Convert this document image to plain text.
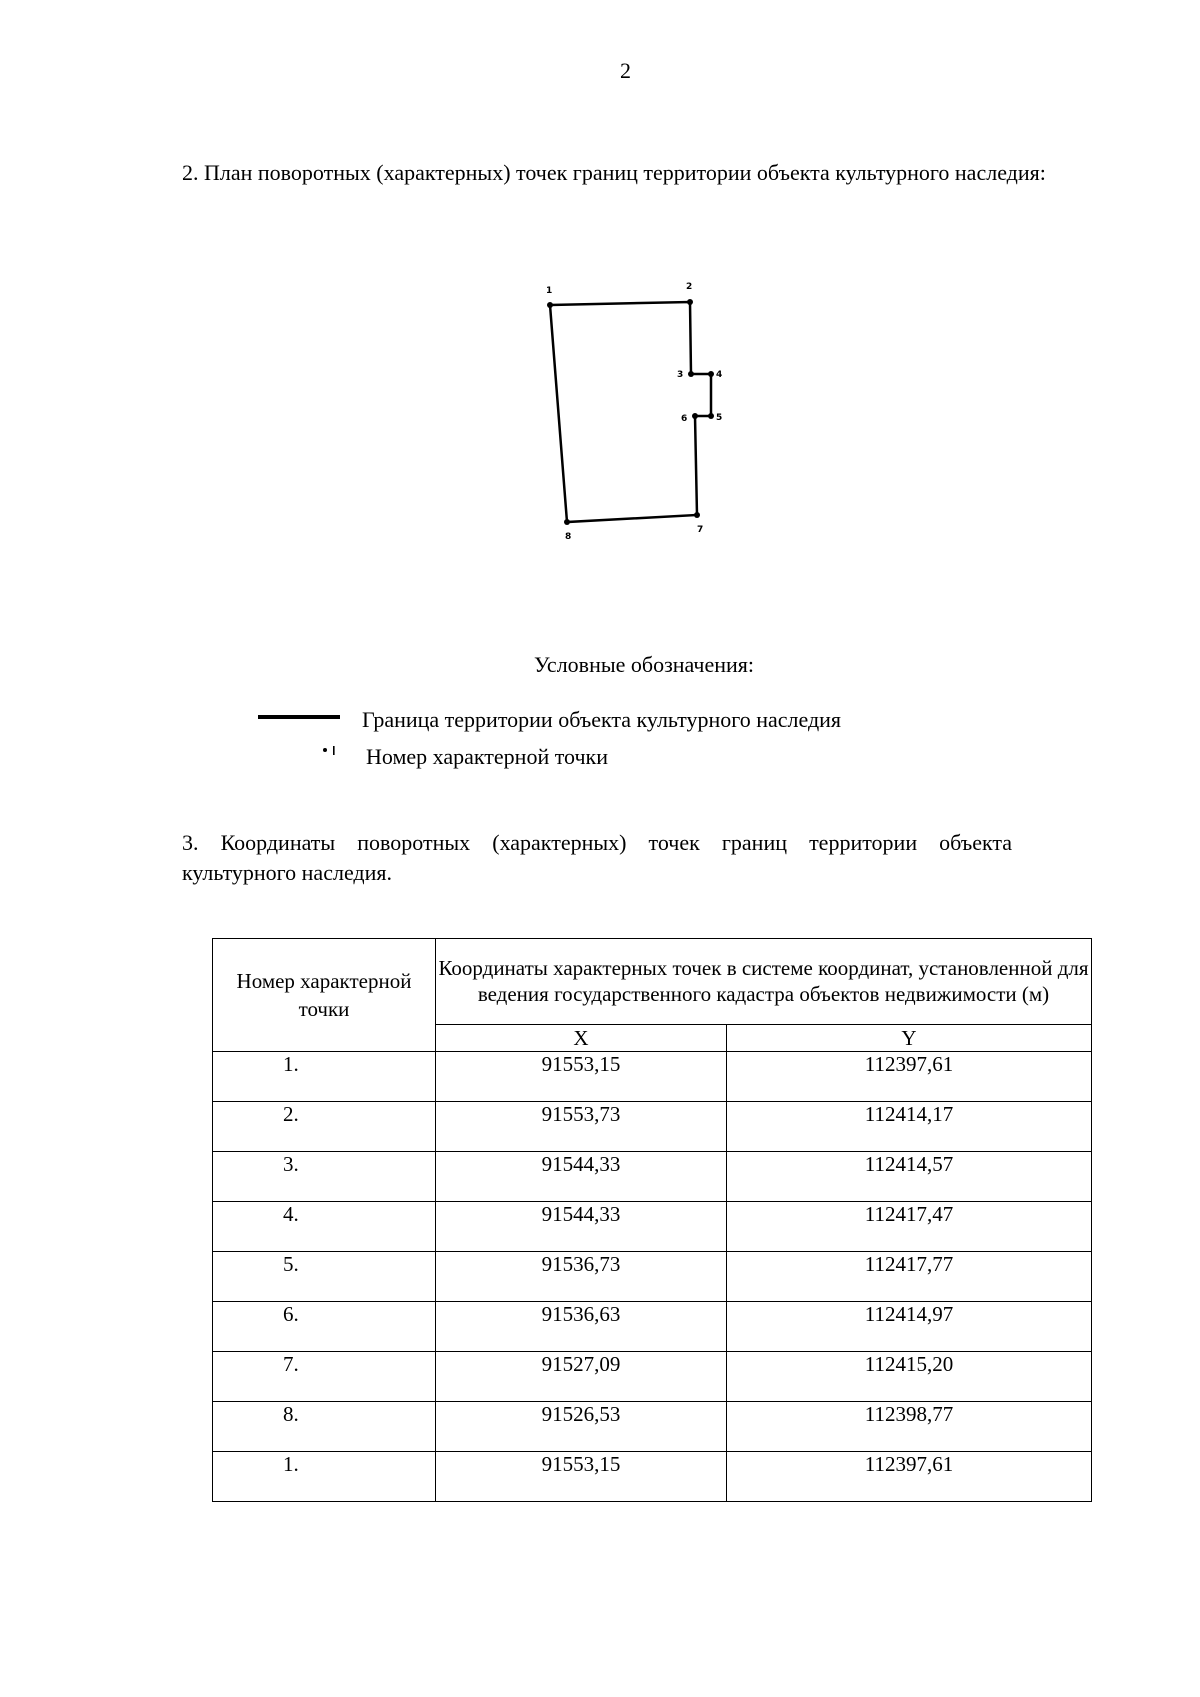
2
2. План поворотных (характерных) точек границ территории объекта культурного наследия:
1	2
3	4
5
6
7
8
Условные обозначения:
Граница территории объекта культурного наследия
Номер характерной точки
3. Координаты поворотных (характерных) точек границ территории объекта культурного наследия.
Номер характерной точки	Координаты характерных точек в системе координат, установленной для ведения государственного кадастра объектов недвижимости (м)	
	X	Y
1.	91553,15	112397,61
2.	91553,73	112414,17
3.	91544,33	112414,57
4.	91544,33	112417,47
5.	91536,73	112417,77
6.	91536,63	112414,97
7.	91527,09	112415,20
8.	91526,53	112398,77
1.	91553,15	112397,61
